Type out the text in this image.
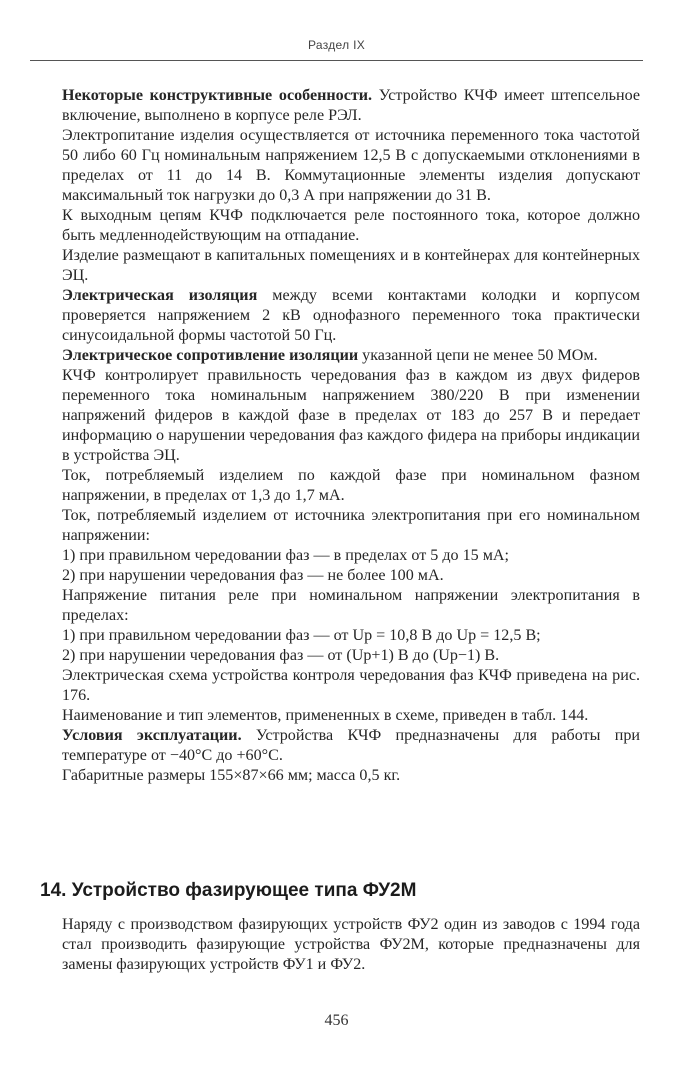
Раздел IX

Некоторые конструктивные особенности. Устройство КЧФ имеет штепсельное включение, выполнено в корпусе реле РЭЛ.

Электропитание изделия осуществляется от источника переменного тока частотой 50 либо 60 Гц номинальным напряжением 12,5 В с допускаемыми отклонениями в пределах от 11 до 14 В. Коммутационные элементы изделия допускают максимальный ток нагрузки до 0,3 А при напряжении до 31 В.

К выходным цепям КЧФ подключается реле постоянного тока, которое должно быть медленнодействующим на отпадание.

Изделие размещают в капитальных помещениях и в контейнерах для контейнерных ЭЦ.

Электрическая изоляция между всеми контактами колодки и корпусом проверяется напряжением 2 кВ однофазного переменного тока практически синусоидальной формы частотой 50 Гц.

Электрическое сопротивление изоляции указанной цепи не менее 50 МОм.

КЧФ контролирует правильность чередования фаз в каждом из двух фидеров переменного тока номинальным напряжением 380/220 В при изменении напряжений фидеров в каждой фазе в пределах от 183 до 257 В и передает информацию о нарушении чередования фаз каждого фидера на приборы индикации в устройства ЭЦ.

Ток, потребляемый изделием по каждой фазе при номинальном фазном напряжении, в пределах от 1,3 до 1,7 мА.

Ток, потребляемый изделием от источника электропитания при его номинальном напряжении:

1) при правильном чередовании фаз — в пределах от 5 до 15 мА;

2) при нарушении чередования фаз — не более 100 мА.

Напряжение питания реле при номинальном напряжении электропитания в пределах:

1) при правильном чередовании фаз — от Up = 10,8 В до Up = 12,5 В;

2) при нарушении чередования фаз — от (Up+1) В до (Up−1) В.

Электрическая схема устройства контроля чередования фаз КЧФ приведена на рис. 176.

Наименование и тип элементов, примененных в схеме, приведен в табл. 144.

Условия эксплуатации. Устройства КЧФ предназначены для работы при температуре от −40°С до +60°С.

Габаритные размеры 155×87×66 мм; масса 0,5 кг.

14. Устройство фазирующее типа ФУ2М

Наряду с производством фазирующих устройств ФУ2 один из заводов с 1994 года стал производить фазирующие устройства ФУ2М, которые предназначены для замены фазирующих устройств ФУ1 и ФУ2.

456
